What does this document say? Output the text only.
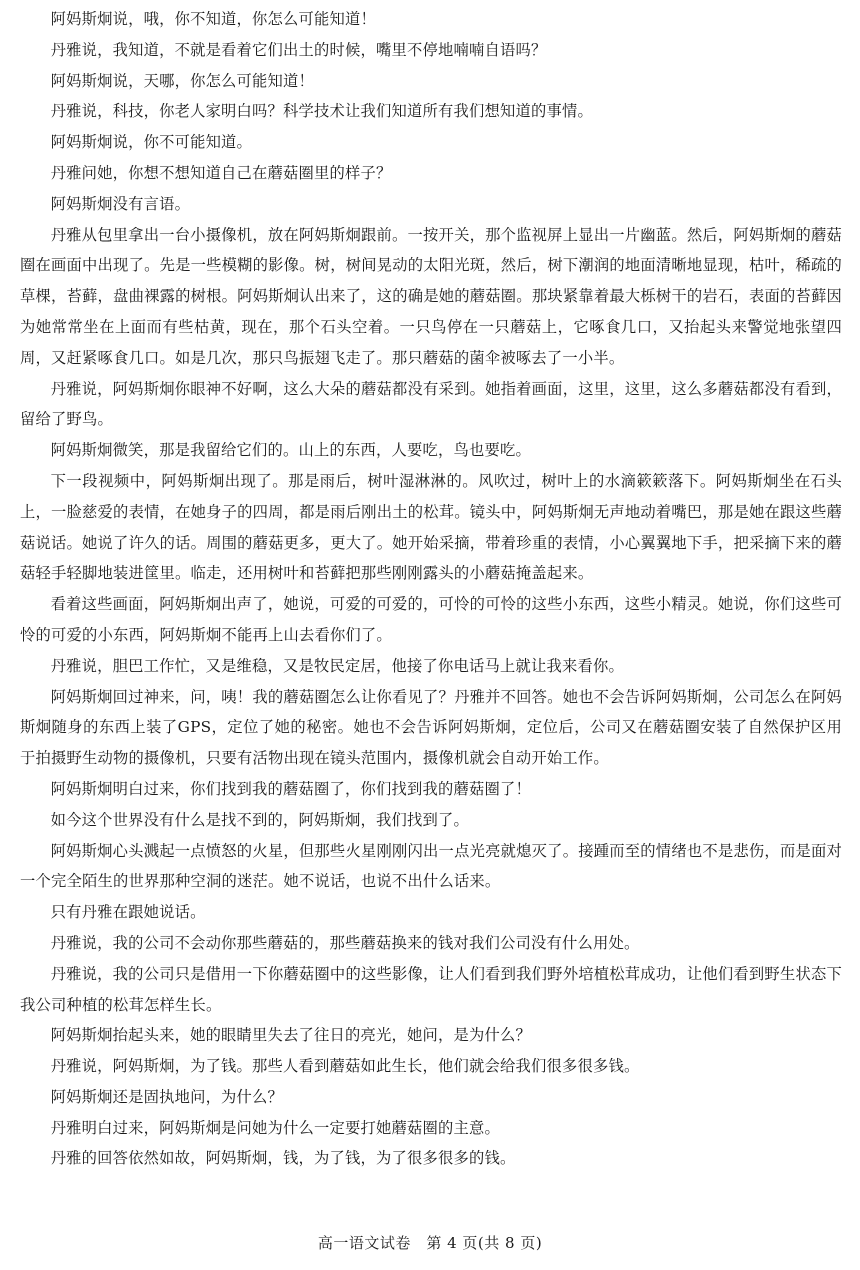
阿妈斯炯说，哦，你不知道，你怎么可能知道！

丹雅说，我知道，不就是看着它们出土的时候，嘴里不停地喃喃自语吗？

阿妈斯炯说，天哪，你怎么可能知道！

丹雅说，科技，你老人家明白吗？科学技术让我们知道所有我们想知道的事情。

阿妈斯炯说，你不可能知道。

丹雅问她，你想不想知道自己在蘑菇圈里的样子？

阿妈斯炯没有言语。

丹雅从包里拿出一台小摄像机，放在阿妈斯炯跟前。一按开关，那个监视屏上显出一片幽蓝。然后，阿妈斯炯的蘑菇圈在画面中出现了。先是一些模糊的影像。树，树间晃动的太阳光斑，然后，树下潮润的地面清晰地显现，枯叶，稀疏的草棵，苔藓，盘曲裸露的树根。阿妈斯炯认出来了，这的确是她的蘑菇圈。那块紧靠着最大栎树干的岩石，表面的苔藓因为她常常坐在上面而有些枯黄，现在，那个石头空着。一只鸟停在一只蘑菇上，它啄食几口，又抬起头来警觉地张望四周，又赶紧啄食几口。如是几次，那只鸟振翅飞走了。那只蘑菇的菌伞被啄去了一小半。

丹雅说，阿妈斯炯你眼神不好啊，这么大朵的蘑菇都没有采到。她指着画面，这里，这里，这么多蘑菇都没有看到，留给了野鸟。

阿妈斯炯微笑，那是我留给它们的。山上的东西，人要吃，鸟也要吃。

下一段视频中，阿妈斯炯出现了。那是雨后，树叶湿淋淋的。风吹过，树叶上的水滴簌簌落下。阿妈斯炯坐在石头上，一脸慈爱的表情，在她身子的四周，都是雨后刚出土的松茸。镜头中，阿妈斯炯无声地动着嘴巴，那是她在跟这些蘑菇说话。她说了许久的话。周围的蘑菇更多，更大了。她开始采摘，带着珍重的表情，小心翼翼地下手，把采摘下来的蘑菇轻手轻脚地装进筐里。临走，还用树叶和苔藓把那些刚刚露头的小蘑菇掩盖起来。

看着这些画面，阿妈斯炯出声了，她说，可爱的可爱的，可怜的可怜的这些小东西，这些小精灵。她说，你们这些可怜的可爱的小东西，阿妈斯炯不能再上山去看你们了。

丹雅说，胆巴工作忙，又是维稳，又是牧民定居，他接了你电话马上就让我来看你。

阿妈斯炯回过神来，问，咦！我的蘑菇圈怎么让你看见了？丹雅并不回答。她也不会告诉阿妈斯炯，公司怎么在阿妈斯炯随身的东西上装了GPS，定位了她的秘密。她也不会告诉阿妈斯炯，定位后，公司又在蘑菇圈安装了自然保护区用于拍摄野生动物的摄像机，只要有活物出现在镜头范围内，摄像机就会自动开始工作。

阿妈斯炯明白过来，你们找到我的蘑菇圈了，你们找到我的蘑菇圈了！

如今这个世界没有什么是找不到的，阿妈斯炯，我们找到了。

阿妈斯炯心头溅起一点愤怒的火星，但那些火星刚刚闪出一点光亮就熄灭了。接踵而至的情绪也不是悲伤，而是面对一个完全陌生的世界那种空洞的迷茫。她不说话，也说不出什么话来。

只有丹雅在跟她说话。

丹雅说，我的公司不会动你那些蘑菇的，那些蘑菇换来的钱对我们公司没有什么用处。

丹雅说，我的公司只是借用一下你蘑菇圈中的这些影像，让人们看到我们野外培植松茸成功，让他们看到野生状态下我公司种植的松茸怎样生长。

阿妈斯炯抬起头来，她的眼睛里失去了往日的亮光，她问，是为什么？

丹雅说，阿妈斯炯，为了钱。那些人看到蘑菇如此生长，他们就会给我们很多很多钱。

阿妈斯炯还是固执地问，为什么？

丹雅明白过来，阿妈斯炯是问她为什么一定要打她蘑菇圈的主意。

丹雅的回答依然如故，阿妈斯炯，钱，为了钱，为了很多很多的钱。

高一语文试卷　第 4 页(共 8 页)
